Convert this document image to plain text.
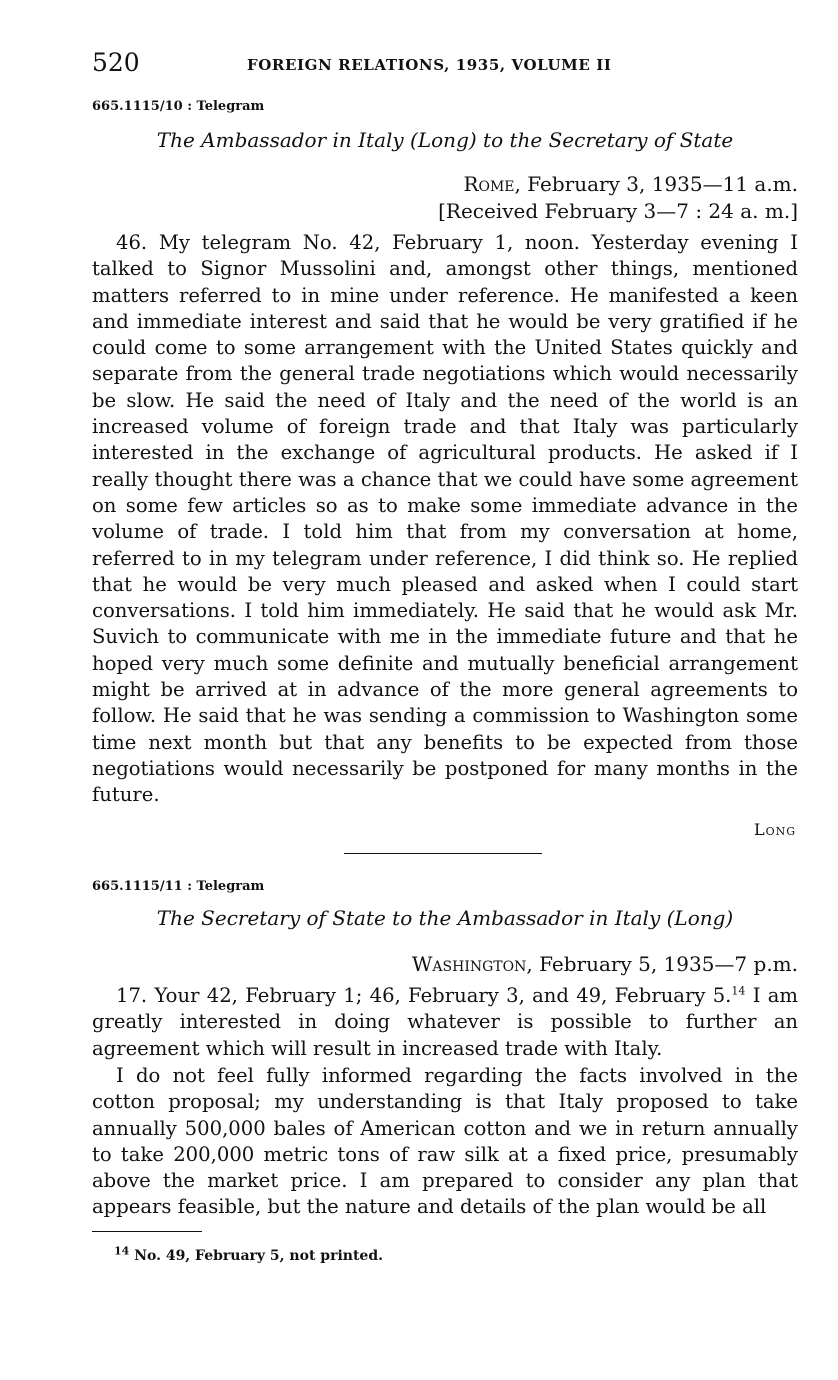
520	FOREIGN RELATIONS, 1935, VOLUME II
665.1115/10 : Telegram
The Ambassador in Italy (Long) to the Secretary of State
Rome, February 3, 1935—11 a.m.
[Received February 3—7 : 24 a. m.]

46. My telegram No. 42, February 1, noon. Yesterday evening I talked to Signor Mussolini and, amongst other things, mentioned matters referred to in mine under reference. He manifested a keen and immediate interest and said that he would be very gratified if he could come to some arrangement with the United States quickly and separate from the general trade negotiations which would necessarily be slow. He said the need of Italy and the need of the world is an increased volume of foreign trade and that Italy was particularly interested in the exchange of agricultural products. He asked if I really thought there was a chance that we could have some agreement on some few articles so as to make some immediate advance in the volume of trade. I told him that from my conversation at home, referred to in my telegram under reference, I did think so. He replied that he would be very much pleased and asked when I could start conversations. I told him immediately. He said that he would ask Mr. Suvich to communicate with me in the immediate future and that he hoped very much some definite and mutually beneficial arrangement might be arrived at in advance of the more general agreements to follow. He said that he was sending a commission to Washington some time next month but that any benefits to be expected from those negotiations would necessarily be postponed for many months in the future.

Long
665.1115/11 : Telegram
The Secretary of State to the Ambassador in Italy (Long)
Washington, February 5, 1935—7 p.m.

17. Your 42, February 1; 46, February 3, and 49, February 5.14 I am greatly interested in doing whatever is possible to further an agreement which will result in increased trade with Italy.

I do not feel fully informed regarding the facts involved in the cotton proposal; my understanding is that Italy proposed to take annually 500,000 bales of American cotton and we in return annually to take 200,000 metric tons of raw silk at a fixed price, presumably above the market price. I am prepared to consider any plan that appears feasible, but the nature and details of the plan would be all

$^{14}$ No. 49, February 5, not printed.
